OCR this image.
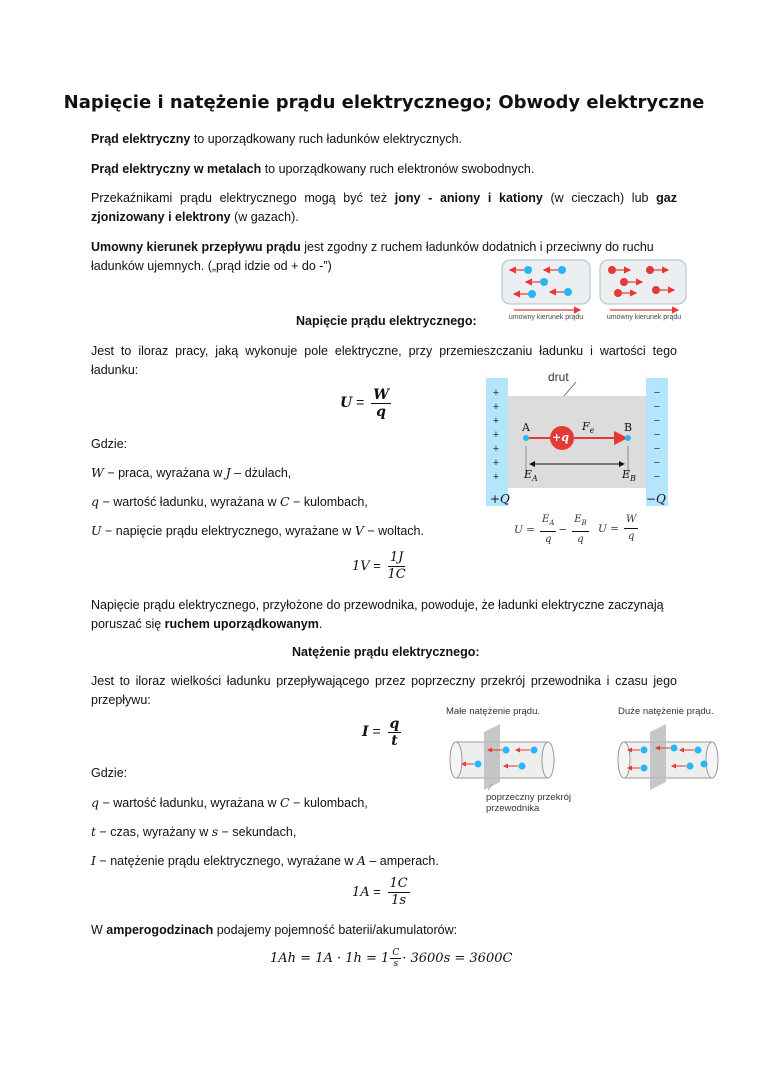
Napięcie i natężenie prądu elektrycznego; Obwody elektryczne

Prąd elektryczny to uporządkowany ruch ładunków elektrycznych.

Prąd elektryczny w metalach to uporządkowany ruch elektronów swobodnych.

Przekaźnikami prądu elektrycznego mogą być też jony - aniony i kationy (w cieczach) lub gaz zjonizowany i elektrony (w gazach).

Umowny kierunek przepływu prądu jest zgodny z ruchem ładunków dodatnich i przeciwny do ruchu ładunków ujemnych. („prąd idzie od + do -”)

umowny kierunek prądu	umowny kierunek prądu

Napięcie prądu elektrycznego:

Jest to iloraz pracy, jaką wykonuje pole elektryczne, przy przemieszczaniu ładunku i wartości tego ładunku:

$U = \frac{W}{q}$

Gdzie:

W − praca, wyrażana w J – dżulach,

q − wartość ładunku, wyrażana w C − kulombach,

U − napięcie prądu elektrycznego, wyrażane w V − woltach.

$1V = \frac{1J}{1C}$

Napięcie prądu elektrycznego, przyłożone do przewodnika, powoduje, że ładunki elektryczne zaczynają poruszać się ruchem uporządkowanym.

+
+
+
+
+
+
+
−
−
−
−
−
−
−
drut
+Q	−Q
A	B
+q
$F_e$
$E_A$	$E_B$
$U = \frac{E_A}{q} - \frac{E_B}{q}$ $U = \frac{W}{q}$

Natężenie prądu elektrycznego:

Jest to iloraz wielkości ładunku przepływającego przez poprzeczny przekrój przewodnika i czasu jego przepływu:

$I = \frac{q}{t}$

Gdzie:

q − wartość ładunku, wyrażana w C − kulombach,

t − czas, wyrażany w s − sekundach,

I − natężenie prądu elektrycznego, wyrażane w A – amperach.

$1A = \frac{1C}{1s}$

W amperogodzinach podajemy pojemność baterii/akumulatorów:

$1Ah = 1A \cdot 1h = 1 \frac{C}{s} \cdot 3600s = 3600C$
Małe natężenie prądu.	Duże natężenie prądu.
poprzeczny przekrój przewodnika
